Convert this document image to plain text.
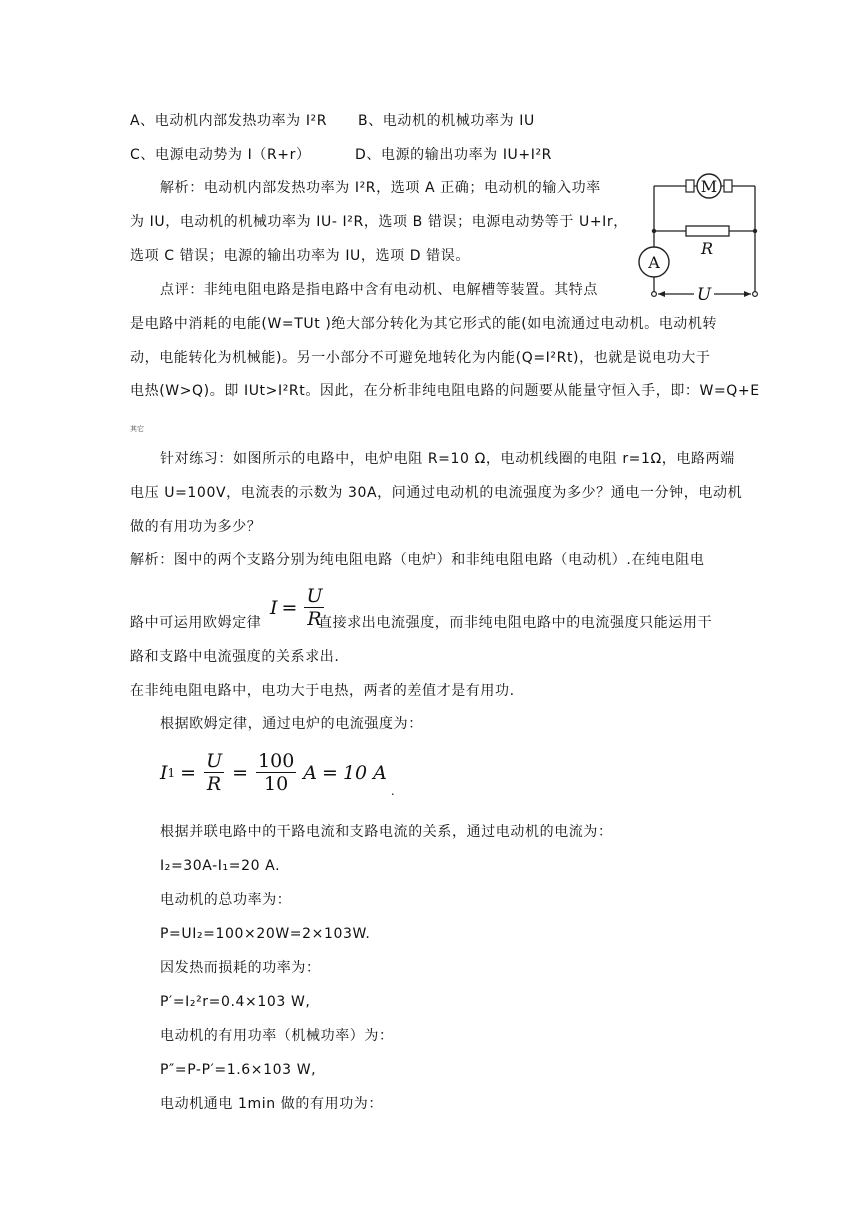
A、电动机内部发热功率为 I²R B、电动机的机械功率为 IU
C、电源电动势为 I（R+r）	D、电源的输出功率为 IU+I²R
解析：电动机内部发热功率为 I²R，选项 A 正确；电动机的输入功率
为 IU，电动机的机械功率为 IU- I²R，选项 B 错误；电源电动势等于 U+Ir，
选项 C 错误；电源的输出功率为 IU，选项 D 错误。
M
R
A
U
点评：非纯电阻电路是指电路中含有电动机、电解槽等装置。其特点
是电路中消耗的电能(W=TUt )绝大部分转化为其它形式的能(如电流通过电动机。电动机转
动，电能转化为机械能)。另一小部分不可避免地转化为内能(Q=I²Rt)，也就是说电功大于
电热(W>Q)。即 IUt>I²Rt。因此，在分析非纯电阻电路的问题要从能量守恒入手，即：W=Q+E
其它
针对练习：如图所示的电路中，电炉电阻 R=10 Ω，电动机线圈的电阻 r=1Ω，电路两端
电压 U=100V，电流表的示数为 30A，问通过电动机的电流强度为多少？通电一分钟，电动机
做的有用功为多少？
解析：图中的两个支路分别为纯电阻电路（电炉）和非纯电阻电路（电动机）.在纯电阻电
路中可运用欧姆定律
$I = \frac{U}{R}$
直接求出电流强度，而非纯电阻电路中的电流强度只能运用干
路和支路中电流强度的关系求出.
在非纯电阻电路中，电功大于电热，两者的差值才是有用功.
根据欧姆定律，通过电炉的电流强度为：
I $1 = \frac{U}{R} = \frac{100}{10}$ A = 10 A
.
根据并联电路中的干路电流和支路电流的关系，通过电动机的电流为：
I₂=30A-I₁=20 A.
电动机的总功率为：
P=UI₂=100×20W=2×103W.
因发热而损耗的功率为：
P′=I₂²r=0.4×103 W,
电动机的有用功率（机械功率）为：
P″=P-P′=1.6×103 W,
电动机通电 1min 做的有用功为：
